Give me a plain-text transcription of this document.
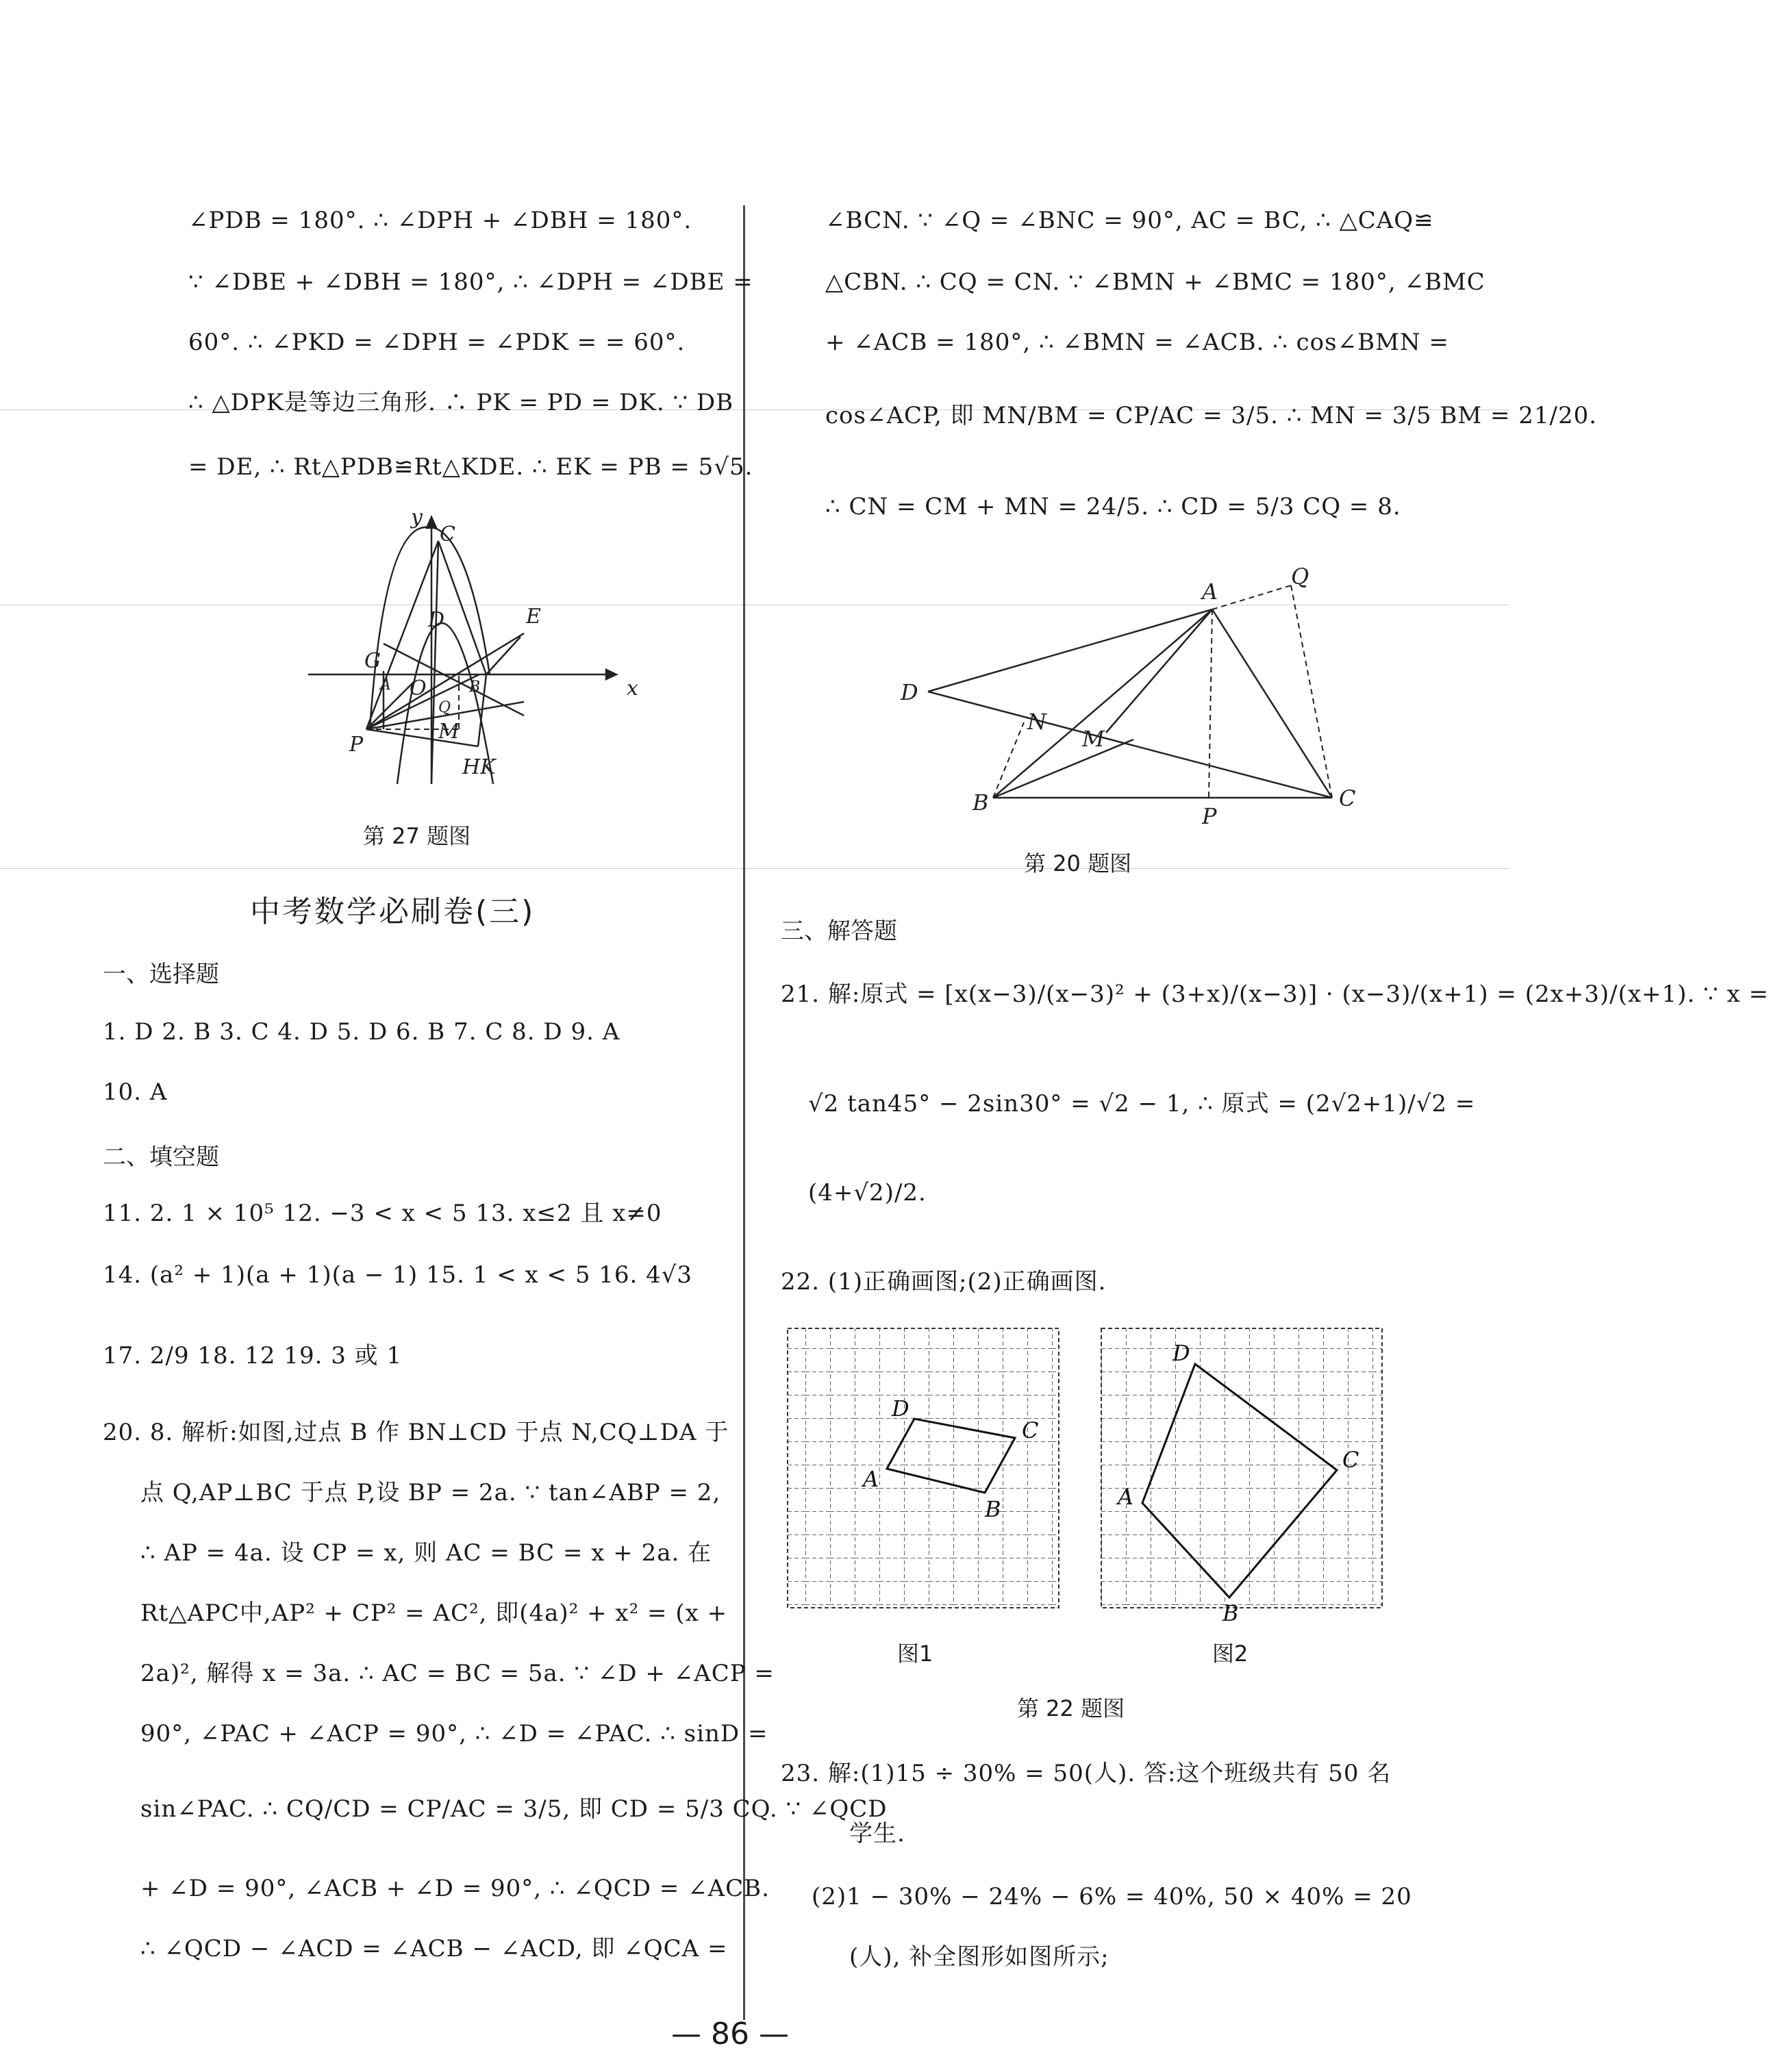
∠PDB = 180°. ∴ ∠DPH + ∠DBH = 180°.
∵ ∠DBE + ∠DBH = 180°, ∴ ∠DPH = ∠DBE =
60°. ∴ ∠PKD = ∠DPH = ∠PDK = = 60°.
∴ △DPK是等边三角形. ∴ PK = PD = DK. ∵ DB
= DE, ∴ Rt△PDB≌Rt△KDE. ∴ EK = PB = 5√5.
y
C
E
D
G
A O	B	x
Q
M
P
HK
第 27 题图
中考数学必刷卷(三)
一、选择题
1. D 2. B 3. C 4. D 5. D 6. B 7. C 8. D 9. A
10. A
二、填空题
11. 2. 1 × 10⁵ 12. −3 < x < 5 13. x≤2 且 x≠0
14. (a² + 1)(a + 1)(a − 1) 15. 1 < x < 5 16. 4√3
17. 2/9 18. 12 19. 3 或 1
20. 8. 解析:如图,过点 B 作 BN⊥CD 于点 N,CQ⊥DA 于
点 Q,AP⊥BC 于点 P,设 BP = 2a. ∵ tan∠ABP = 2,
∴ AP = 4a. 设 CP = x, 则 AC = BC = x + 2a. 在
Rt△APC中,AP² + CP² = AC², 即(4a)² + x² = (x +
2a)², 解得 x = 3a. ∴ AC = BC = 5a. ∵ ∠D + ∠ACP =
90°, ∠PAC + ∠ACP = 90°, ∴ ∠D = ∠PAC. ∴ sinD =
sin∠PAC. ∴ CQ/CD = CP/AC = 3/5, 即 CD = 5/3 CQ. ∵ ∠QCD
+ ∠D = 90°, ∠ACB + ∠D = 90°, ∴ ∠QCD = ∠ACB.
∴ ∠QCD − ∠ACD = ∠ACB − ∠ACD, 即 ∠QCA =
∠BCN. ∵ ∠Q = ∠BNC = 90°, AC = BC, ∴ △CAQ≌
△CBN. ∴ CQ = CN. ∵ ∠BMN + ∠BMC = 180°, ∠BMC
+ ∠ACB = 180°, ∴ ∠BMN = ∠ACB. ∴ cos∠BMN =
cos∠ACP, 即 MN/BM = CP/AC = 3/5. ∴ MN = 3/5 BM = 21/20.
∴ CN = CM + MN = 24/5. ∴ CD = 5/3 CQ = 8.
A
Q
D
N
M
B
P
C
第 20 题图
三、解答题
21. 解:原式 = [x(x−3)/(x−3)² + (3+x)/(x−3)] · (x−3)/(x+1) = (2x+3)/(x+1). ∵ x =
√2 tan45° − 2sin30° = √2 − 1, ∴ 原式 = (2√2+1)/√2 =
(4+√2)/2.
22. (1)正确画图;(2)正确画图.
D
C
A
B
D
C
A
B
图1	图2
第 22 题图
23. 解:(1)15 ÷ 30% = 50(人). 答:这个班级共有 50 名
学生.
(2)1 − 30% − 24% − 6% = 40%, 50 × 40% = 20
(人), 补全图形如图所示;
— 86 —
